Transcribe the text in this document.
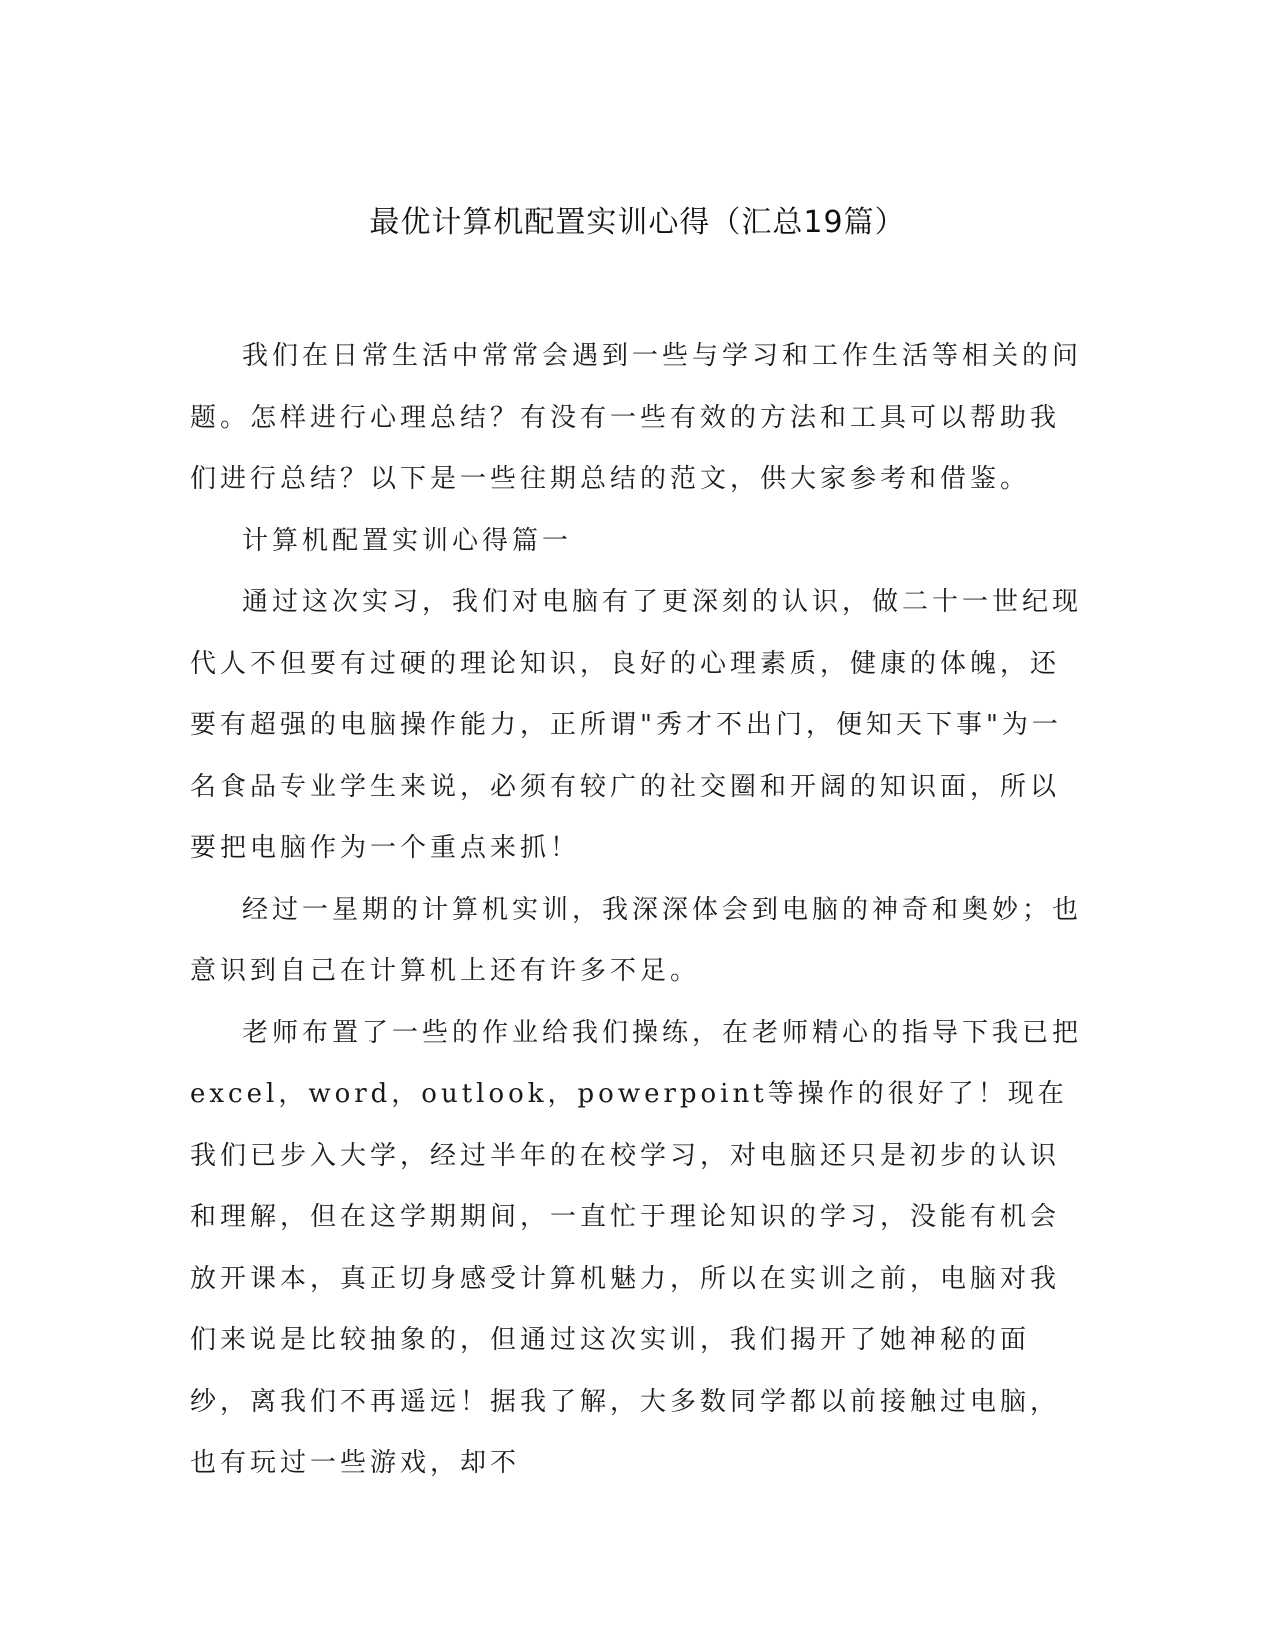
最优计算机配置实训心得（汇总19篇）

我们在日常生活中常常会遇到一些与学习和工作生活等相关的问题。怎样进行心理总结？有没有一些有效的方法和工具可以帮助我们进行总结？以下是一些往期总结的范文，供大家参考和借鉴。

计算机配置实训心得篇一

通过这次实习，我们对电脑有了更深刻的认识，做二十一世纪现代人不但要有过硬的理论知识，良好的心理素质，健康的体魄，还要有超强的电脑操作能力，正所谓"秀才不出门，便知天下事"为一名食品专业学生来说，必须有较广的社交圈和开阔的知识面，所以要把电脑作为一个重点来抓！

经过一星期的计算机实训，我深深体会到电脑的神奇和奥妙；也意识到自己在计算机上还有许多不足。

老师布置了一些的作业给我们操练，在老师精心的指导下我已把excel，word，outlook，powerpoint等操作的很好了！现在我们已步入大学，经过半年的在校学习，对电脑还只是初步的认识和理解，但在这学期期间，一直忙于理论知识的学习，没能有机会放开课本，真正切身感受计算机魅力，所以在实训之前，电脑对我们来说是比较抽象的，但通过这次实训，我们揭开了她神秘的面纱，离我们不再遥远！据我了解，大多数同学都以前接触过电脑，也有玩过一些游戏，却不
